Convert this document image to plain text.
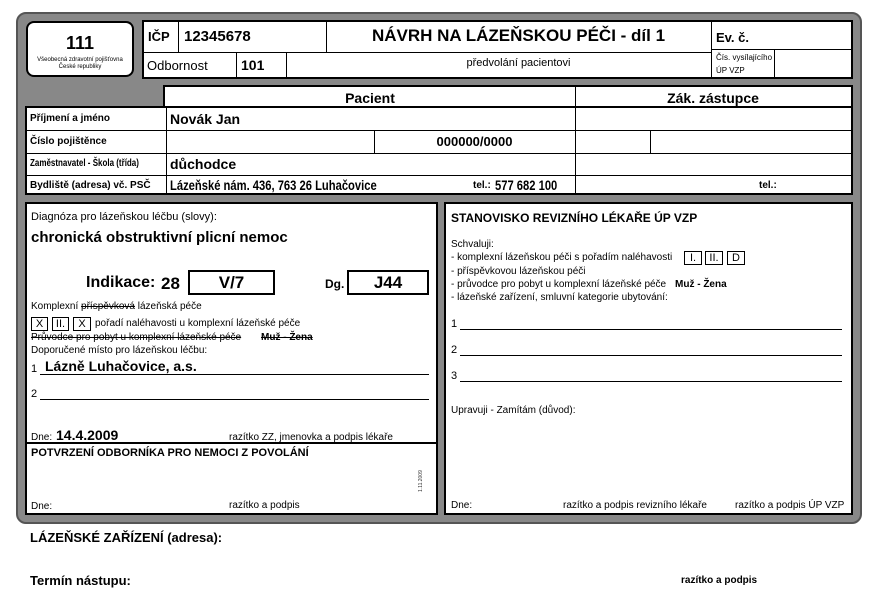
111
Všeobecná zdravotní pojišťovna
České republiky
IČP 12345678	NÁVRH NA LÁZEŇSKOU PÉČI - díl 1
předvolání pacientovi
Odbornost 101
Ev. č.
Čís. vysílajícího
ÚP VZP
Pacient	Zák. zástupce
Příjmení a jméno	Novák Jan
Číslo pojištěnce	000000/0000
Zaměstnavatel - Škola (třída)	důchodce
Bydliště (adresa) vč. PSČ Lázeňské nám. 436, 763 26 Luhačovice	tel.: 577 682 100	tel.:
Diagnóza pro lázeňskou léčbu (slovy):
chronická obstruktivní plicní nemoc
Indikace: 28	V/7	Dg.	J44
Komplexní příspěvková lázeňská péče
X	II.	X pořadí naléhavosti u komplexní lázeňské péče
Průvodce pro pobyt u komplexní lázeňské péče Muž - Žena
Doporučené místo pro lázeňskou léčbu:
1 Lázně Luhačovice, a.s.
2
Dne: 14.4.2009	razítko ZZ, jmenovka a podpis lékaře
POTVRZENÍ ODBORNÍKA PRO NEMOCI Z POVOLÁNÍ
Dne:	razítko a podpis
1.11.2009
STANOVISKO REVIZNÍHO LÉKAŘE ÚP VZP
Schvaluji:
- komplexní lázeňskou péči s pořadím naléhavosti	I.	II.	D
- příspěvkovou lázeňskou péči
- průvodce pro pobyt u komplexní lázeňské péče Muž - Žena
- lázeňské zařízení, smluvní kategorie ubytování:
1
2
3
Upravuji - Zamítám (důvod):
Dne:	razítko a podpis revizního lékaře	razítko a podpis ÚP VZP
LÁZEŇSKÉ ZAŘÍZENÍ (adresa):
Termín nástupu:	razítko a podpis
